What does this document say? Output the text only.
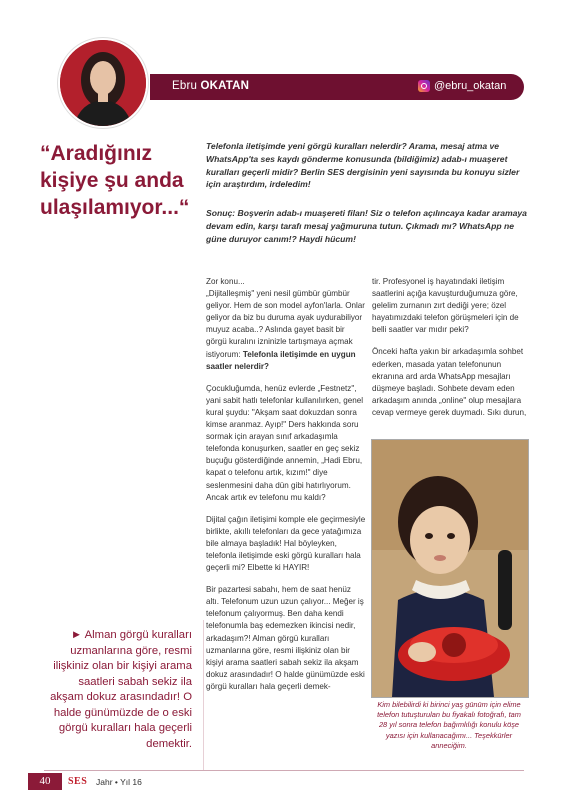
Ebru OKATAN	@ebru_okatan
“Aradığınız kişiye şu anda ulaşılamıyor...“

Telefonla iletişimde yeni görgü kuralları nelerdir? Arama, mesaj atma ve WhatsApp'ta ses kaydı gönderme konusunda (bildiğimiz) adab-ı muaşeret kuralları geçerli midir? Berlin SES dergisinin yeni sayısında bu konuyu sizler için araştırdım, irdeledim!

Sonuç: Boşverin adab-ı muaşereti filan! Siz o telefon açılıncaya kadar aramaya devam edin, karşı tarafı mesaj yağmuruna tutun. Çıkmadı mı? WhatsApp ne güne duruyor canım!? Haydi hücum!

Zor konu...
„Dijitalleşmiş" yeni nesil gümbür gümbür geliyor. Hem de son model ayfon'larla. Onlar geliyor da biz bu duruma ayak uydurabiliyor muyuz acaba..? Aslında gayet basit bir görgü kuralını izninizle tartışmaya açmak istiyorum: Telefonla iletişimde en uygun saatler nelerdir?

Çocukluğumda, henüz evlerde „Festnetz", yani sabit hatlı telefonlar kullanılırken, genel kural şuydu: "Akşam saat dokuzdan sonra kimse aranmaz. Ayıp!" Ders hakkında soru sormak için arayan sınıf arkadaşımla telefonda konuşurken, saatler en geç sekiz buçuğu gösterdiğinde annemin, „Hadi Ebru, kapat o telefonu artık, kızım!" diye seslenmesini daha dün gibi hatırlıyorum. Ancak artık ev telefonu mu kaldı?

Dijital çağın iletişimi komple ele geçirmesiyle birlikte, akıllı telefonları da gece yatağımıza bile almaya başladık! Hal böyleyken, telefonla iletişimde eski görgü kuralları hala geçerli mi? Elbette ki HAYIR!

Bir pazartesi sabahı, hem de saat henüz altı. Telefonum uzun uzun çalıyor... Meğer iş telefonum çalıyormuş. Ben daha kendi telefonumla baş edemezken ikincisi nedir, arkadaşım?! Alman görgü kuralları uzmanlarına göre, resmi ilişkiniz olan bir kişiyi arama saatleri sabah sekiz ila akşam dokuz arasındadır! O halde günümüzde eski görgü kuralları hala geçerli demek-

tir. Profesyonel iş hayatındaki iletişim saatlerini açığa kavuşturduğumuza göre, gelelim zurnanın zırt dediği yere; özel hayatımızdaki telefon görüşmeleri için de belli saatler var mıdır peki?

Önceki hafta yakın bir arkadaşımla sohbet ederken, masada yatan telefonunun ekranına ard arda WhatsApp mesajları düşmeye başladı. Sohbete devam eden arkadaşım anında „online" olup mesajlara cevap vermeye gerek duymadı. Sıkı durun,

Kim bilebilirdi ki birinci yaş günüm için elime telefon tutuşturulan bu fiyakalı fotoğrafı, tam 28 yıl sonra telefon bağımlılığı konulu köşe yazısı için kullanacağımı... Teşekkürler anneciğim.
► Alman görgü kuralları uzmanlarına göre, resmi ilişkiniz olan bir kişiyi arama saatleri sabah sekiz ila akşam dokuz arasındadır! O halde günümüzde de o eski görgü kuralları hala geçerli demektir.
40	SES Jahr • Yıl 16
